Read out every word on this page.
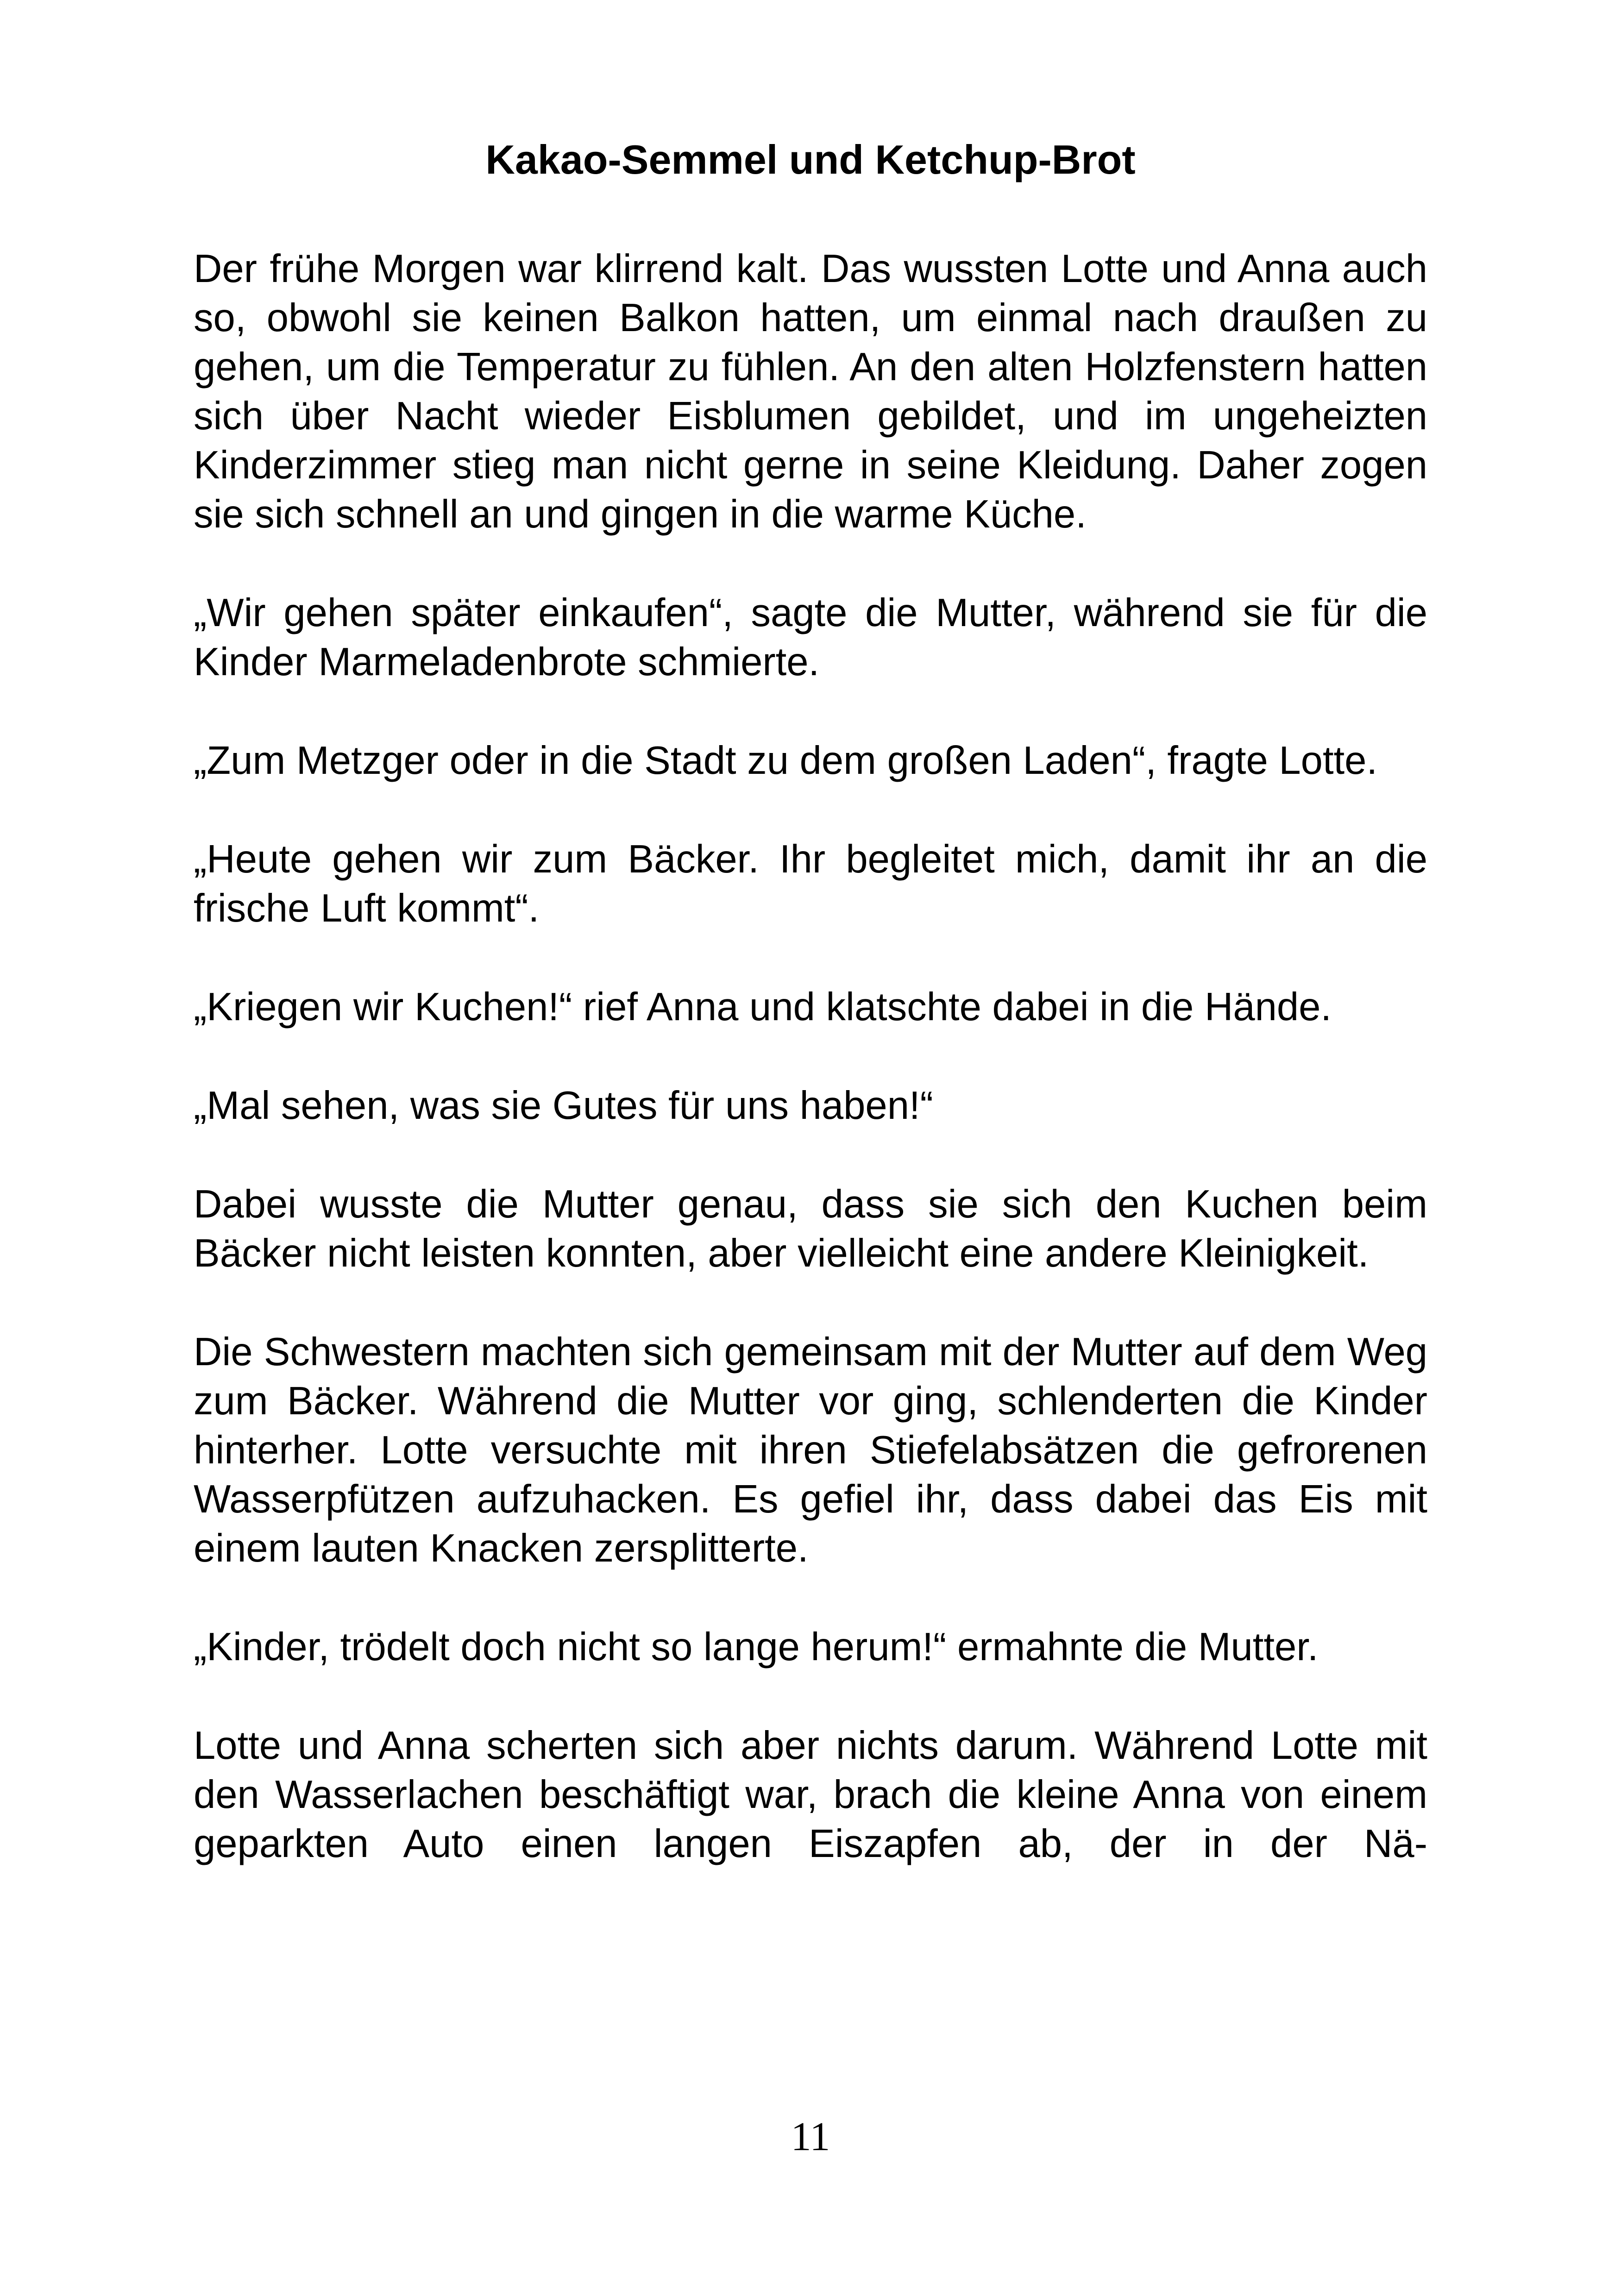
Kakao-Semmel und Ketchup-Brot

Der frühe Morgen war klirrend kalt. Das wussten Lotte und Anna auch so, obwohl sie keinen Balkon hatten, um einmal nach draußen zu gehen, um die Temperatur zu fühlen. An den alten Holzfenstern hatten sich über Nacht wieder Eisblumen gebildet, und im ungeheizten Kinderzimmer stieg man nicht gerne in seine Kleidung. Daher zogen sie sich schnell an und gingen in die warme Küche.

„Wir gehen später einkaufen“, sagte die Mutter, während sie für die Kinder Marmeladenbrote schmierte.

„Zum Metzger oder in die Stadt zu dem großen Laden“, fragte Lotte.

„Heute gehen wir zum Bäcker. Ihr begleitet mich, damit ihr an die frische Luft kommt“.

„Kriegen wir Kuchen!“ rief Anna und klatschte dabei in die Hände.

„Mal sehen, was sie Gutes für uns haben!“

Dabei wusste die Mutter genau, dass sie sich den Kuchen beim Bäcker nicht leisten konnten, aber vielleicht eine andere Kleinigkeit.

Die Schwestern machten sich gemeinsam mit der Mutter auf dem Weg zum Bäcker. Während die Mutter vor ging, schlenderten die Kinder hinterher. Lotte versuchte mit ihren Stiefelabsätzen die gefrorenen Wasserpfützen aufzuhacken. Es gefiel ihr, dass dabei das Eis mit einem lauten Knacken zersplitterte.

„Kinder, trödelt doch nicht so lange herum!“ ermahnte die Mutter.

Lotte und Anna scherten sich aber nichts darum. Während Lotte mit den Wasserlachen beschäftigt war, brach die kleine Anna von einem geparkten Auto einen langen Eiszapfen ab, der in der Nä-

11
